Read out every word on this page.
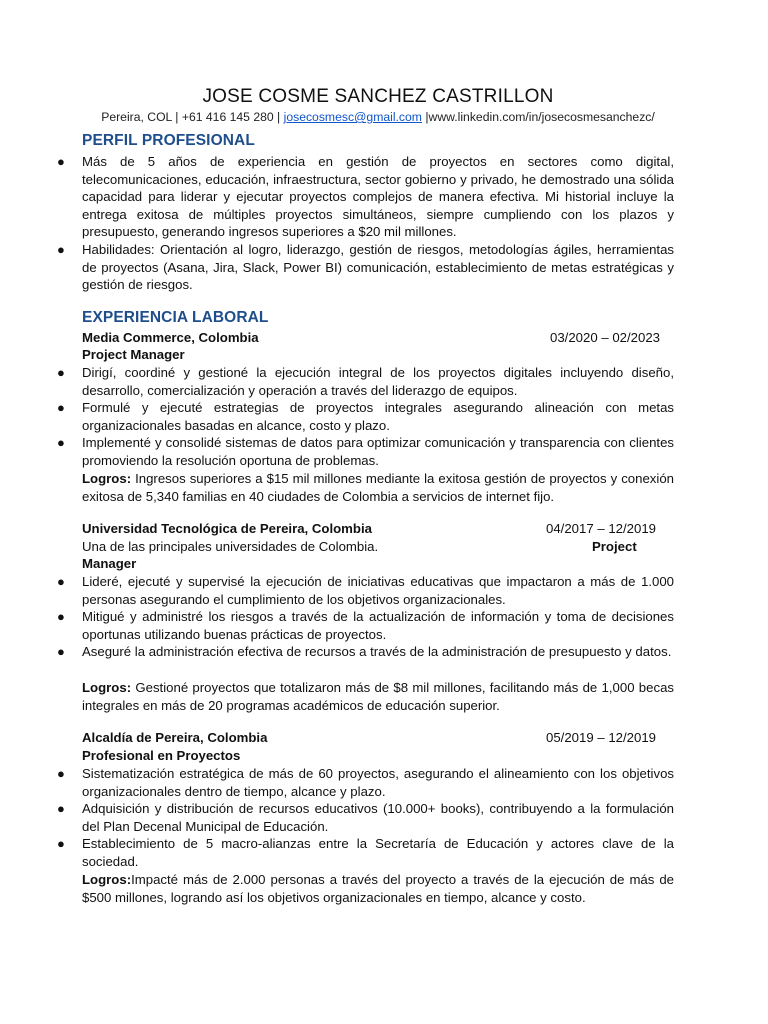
JOSE COSME SANCHEZ CASTRILLON
Pereira, COL | +61 416 145 280 | josecosmesc@gmail.com |www.linkedin.com/in/josecosmesanchezc/
PERFIL PROFESIONAL
● Más de 5 años de experiencia en gestión de proyectos en sectores como digital, telecomunicaciones, educación, infraestructura, sector gobierno y privado, he demostrado una sólida capacidad para liderar y ejecutar proyectos complejos de manera efectiva. Mi historial incluye la entrega exitosa de múltiples proyectos simultáneos, siempre cumpliendo con los plazos y presupuesto, generando ingresos superiores a $20 mil millones.
● Habilidades: Orientación al logro, liderazgo, gestión de riesgos, metodologías ágiles, herramientas de proyectos (Asana, Jira, Slack, Power BI) comunicación, establecimiento de metas estratégicas y gestión de riesgos.
EXPERIENCIA LABORAL
Media Commerce, Colombia	03/2020 – 02/2023
Project Manager
● Dirigí, coordiné y gestioné la ejecución integral de los proyectos digitales incluyendo diseño, desarrollo, comercialización y operación a través del liderazgo de equipos.
● Formulé y ejecuté estrategias de proyectos integrales asegurando alineación con metas organizacionales basadas en alcance, costo y plazo.
● Implementé y consolidé sistemas de datos para optimizar comunicación y transparencia con clientes promoviendo la resolución oportuna de problemas.
Logros: Ingresos superiores a $15 mil millones mediante la exitosa gestión de proyectos y conexión exitosa de 5,340 familias en 40 ciudades de Colombia a servicios de internet fijo.
Universidad Tecnológica de Pereira, Colombia	04/2017 – 12/2019
Una de las principales universidades de Colombia.	Project
Manager
● Lideré, ejecuté y supervisé la ejecución de iniciativas educativas que impactaron a más de 1.000 personas asegurando el cumplimiento de los objetivos organizacionales.
● Mitigué y administré los riesgos a través de la actualización de información y toma de decisiones oportunas utilizando buenas prácticas de proyectos.
● Aseguré la administración efectiva de recursos a través de la administración de presupuesto y datos.
Logros: Gestioné proyectos que totalizaron más de $8 mil millones, facilitando más de 1,000 becas integrales en más de 20 programas académicos de educación superior.
Alcaldía de Pereira, Colombia	05/2019 – 12/2019
Profesional en Proyectos
● Sistematización estratégica de más de 60 proyectos, asegurando el alineamiento con los objetivos organizacionales dentro de tiempo, alcance y plazo.
● Adquisición y distribución de recursos educativos (10.000+ books), contribuyendo a la formulación del Plan Decenal Municipal de Educación.
● Establecimiento de 5 macro-alianzas entre la Secretaría de Educación y actores clave de la sociedad.
Logros:Impacté más de 2.000 personas a través del proyecto a través de la ejecución de más de $500 millones, logrando así los objetivos organizacionales en tiempo, alcance y costo.
